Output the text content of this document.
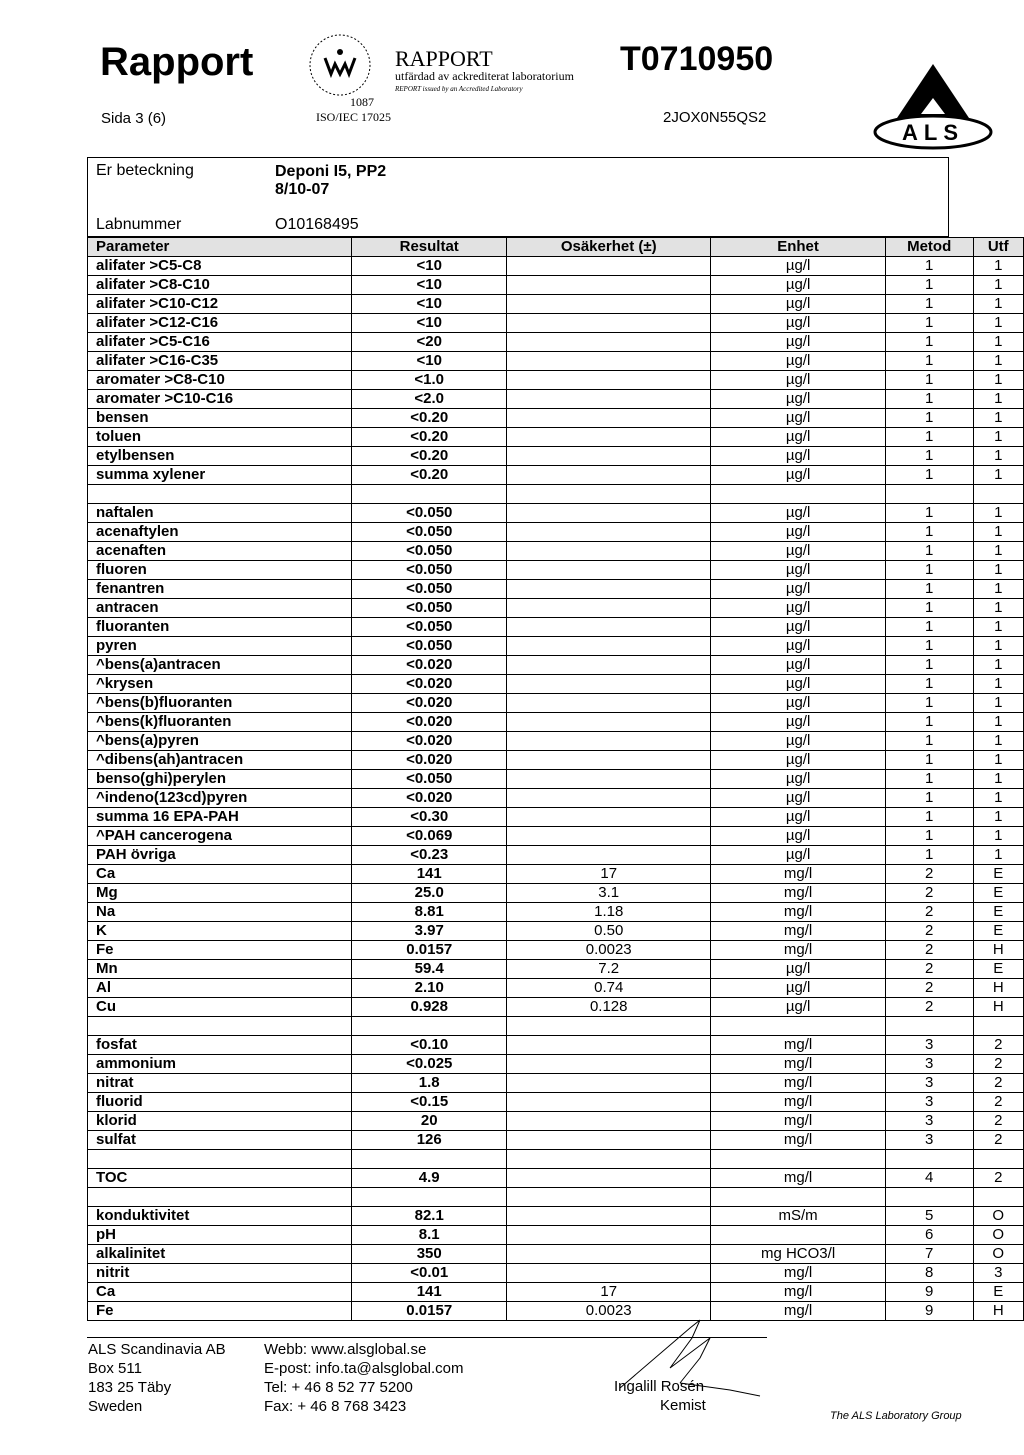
Rapport
Sida 3 (6)
1087
ISO/IEC 17025
RAPPORT
utfärdad av ackrediterat laboratorium
REPORT issued by an Accredited Laboratory
T0710950
2JOX0N55QS2
ALS
Er beteckning	Deponi I5, PP2
8/10-07
Labnummer	O10168495
Parameter	Resultat	Osäkerhet (±)	Enhet	Metod	Utf
alifater >C5-C8	<10		µg/l	1	1
alifater >C8-C10	<10		µg/l	1	1
alifater >C10-C12	<10		µg/l	1	1
alifater >C12-C16	<10		µg/l	1	1
alifater >C5-C16	<20		µg/l	1	1
alifater >C16-C35	<10		µg/l	1	1
aromater >C8-C10	<1.0		µg/l	1	1
aromater >C10-C16	<2.0		µg/l	1	1
bensen	<0.20		µg/l	1	1
toluen	<0.20		µg/l	1	1
etylbensen	<0.20		µg/l	1	1
summa xylener	<0.20		µg/l	1	1

naftalen	<0.050		µg/l	1	1
acenaftylen	<0.050		µg/l	1	1
acenaften	<0.050		µg/l	1	1
fluoren	<0.050		µg/l	1	1
fenantren	<0.050		µg/l	1	1
antracen	<0.050		µg/l	1	1
fluoranten	<0.050		µg/l	1	1
pyren	<0.050		µg/l	1	1
^bens(a)antracen	<0.020		µg/l	1	1
^krysen	<0.020		µg/l	1	1
^bens(b)fluoranten	<0.020		µg/l	1	1
^bens(k)fluoranten	<0.020		µg/l	1	1
^bens(a)pyren	<0.020		µg/l	1	1
^dibens(ah)antracen	<0.020		µg/l	1	1
benso(ghi)perylen	<0.050		µg/l	1	1
^indeno(123cd)pyren	<0.020		µg/l	1	1
summa 16 EPA-PAH	<0.30		µg/l	1	1
^PAH cancerogena	<0.069		µg/l	1	1
PAH övriga	<0.23		µg/l	1	1
Ca	141	17	mg/l	2	E
Mg	25.0	3.1	mg/l	2	E
Na	8.81	1.18	mg/l	2	E
K	3.97	0.50	mg/l	2	E
Fe	0.0157	0.0023	mg/l	2	H
Mn	59.4	7.2	µg/l	2	E
Al	2.10	0.74	µg/l	2	H
Cu	0.928	0.128	µg/l	2	H

fosfat	<0.10		mg/l	3	2
ammonium	<0.025		mg/l	3	2
nitrat	1.8		mg/l	3	2
fluorid	<0.15		mg/l	3	2
klorid	20		mg/l	3	2
sulfat	126		mg/l	3	2

TOC	4.9		mg/l	4	2

konduktivitet	82.1		mS/m	5	O
pH	8.1			6	O
alkalinitet	350		mg HCO3/l	7	O
nitrit	<0.01		mg/l	8	3
Ca	141	17	mg/l	9	E
Fe	0.0157	0.0023	mg/l	9	H
ALS Scandinavia AB
Box 511
183 25 Täby
Sweden
Webb: www.alsglobal.se
E-post: info.ta@alsglobal.com
Tel: + 46 8 52 77 5200
Fax: + 46 8 768 3423
Ingalill Rosén
Kemist
The ALS Laboratory Group
